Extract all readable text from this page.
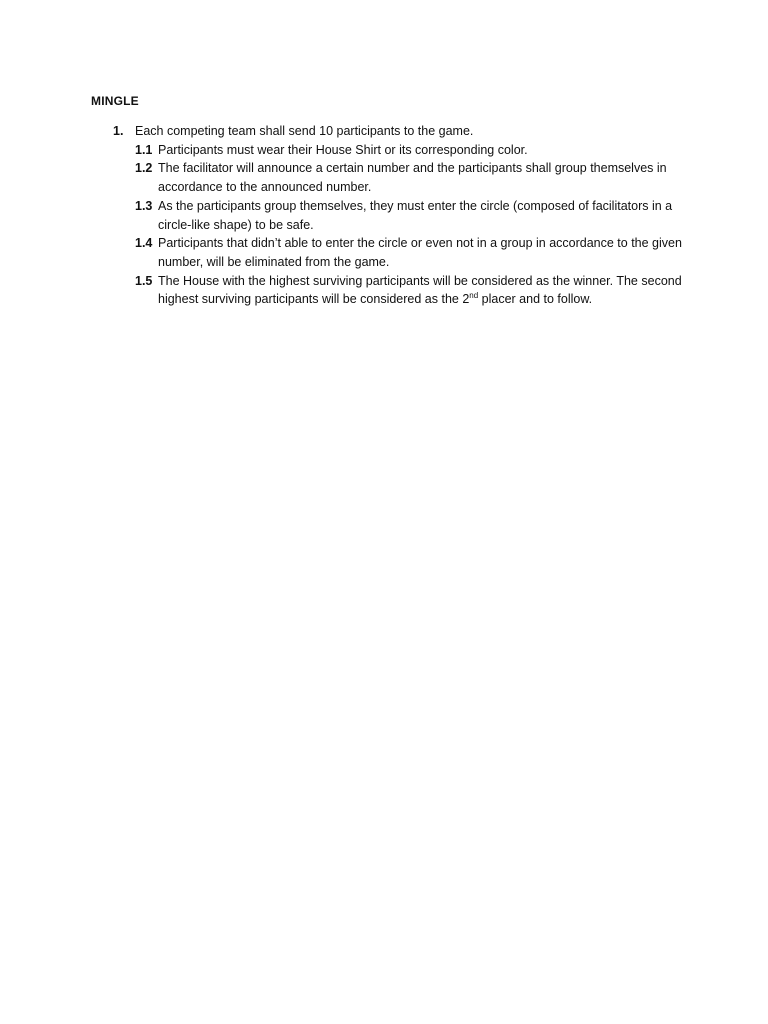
MINGLE
1. Each competing team shall send 10 participants to the game.
1.1 Participants must wear their House Shirt or its corresponding color.
1.2 The facilitator will announce a certain number and the participants shall group themselves in accordance to the announced number.
1.3 As the participants group themselves, they must enter the circle (composed of facilitators in a circle-like shape) to be safe.
1.4 Participants that didn’t able to enter the circle or even not in a group in accordance to the given number, will be eliminated from the game.
1.5 The House with the highest surviving participants will be considered as the winner. The second highest surviving participants will be considered as the 2nd placer and to follow.
